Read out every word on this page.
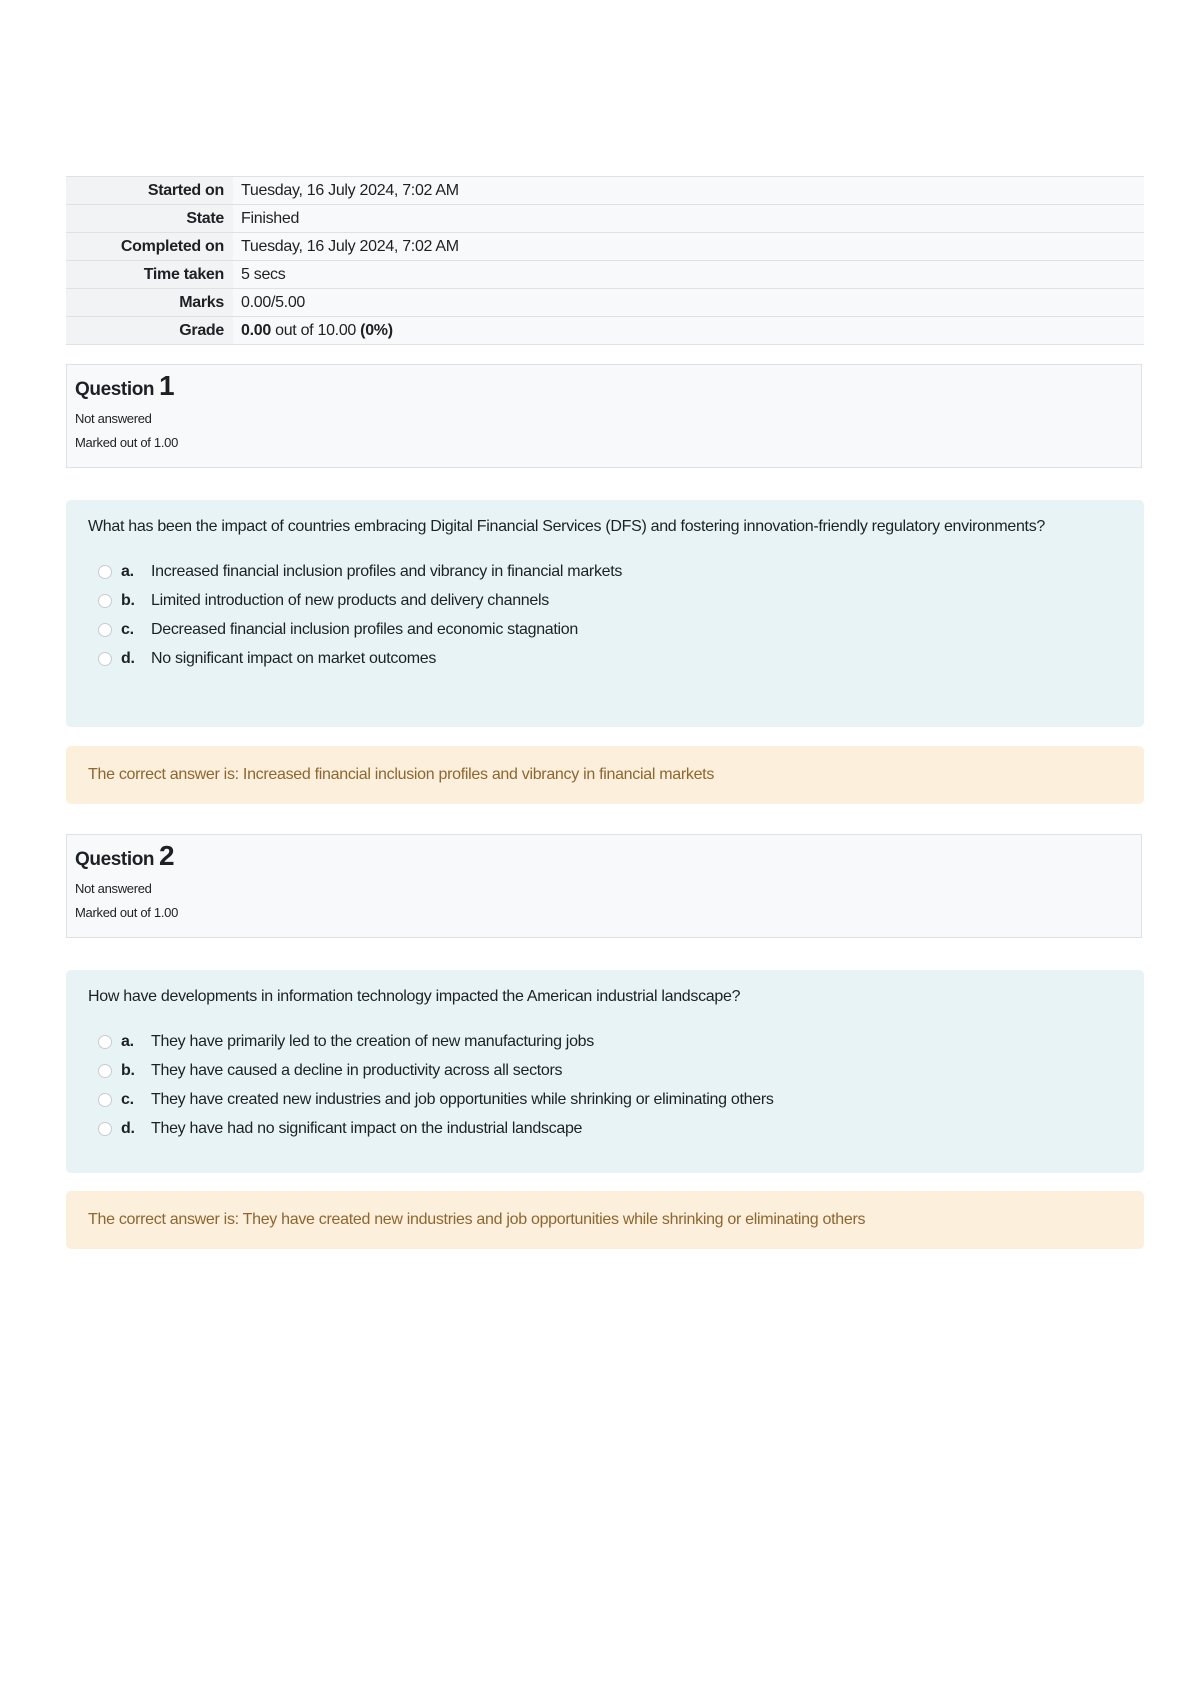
Started on	Tuesday, 16 July 2024, 7:02 AM
State	Finished
Completed on	Tuesday, 16 July 2024, 7:02 AM
Time taken	5 secs
Marks	0.00/5.00
Grade	0.00 out of 10.00 (0%)
Question 1
Not answered
Marked out of 1.00
What has been the impact of countries embracing Digital Financial Services (DFS) and fostering innovation-friendly regulatory environments?
a.	Increased financial inclusion profiles and vibrancy in financial markets
b.	Limited introduction of new products and delivery channels
c.	Decreased financial inclusion profiles and economic stagnation
d.	No significant impact on market outcomes
The correct answer is: Increased financial inclusion profiles and vibrancy in financial markets
Question 2
Not answered
Marked out of 1.00
How have developments in information technology impacted the American industrial landscape?
a.	They have primarily led to the creation of new manufacturing jobs
b.	They have caused a decline in productivity across all sectors
c.	They have created new industries and job opportunities while shrinking or eliminating others
d.	They have had no significant impact on the industrial landscape
The correct answer is: They have created new industries and job opportunities while shrinking or eliminating others
